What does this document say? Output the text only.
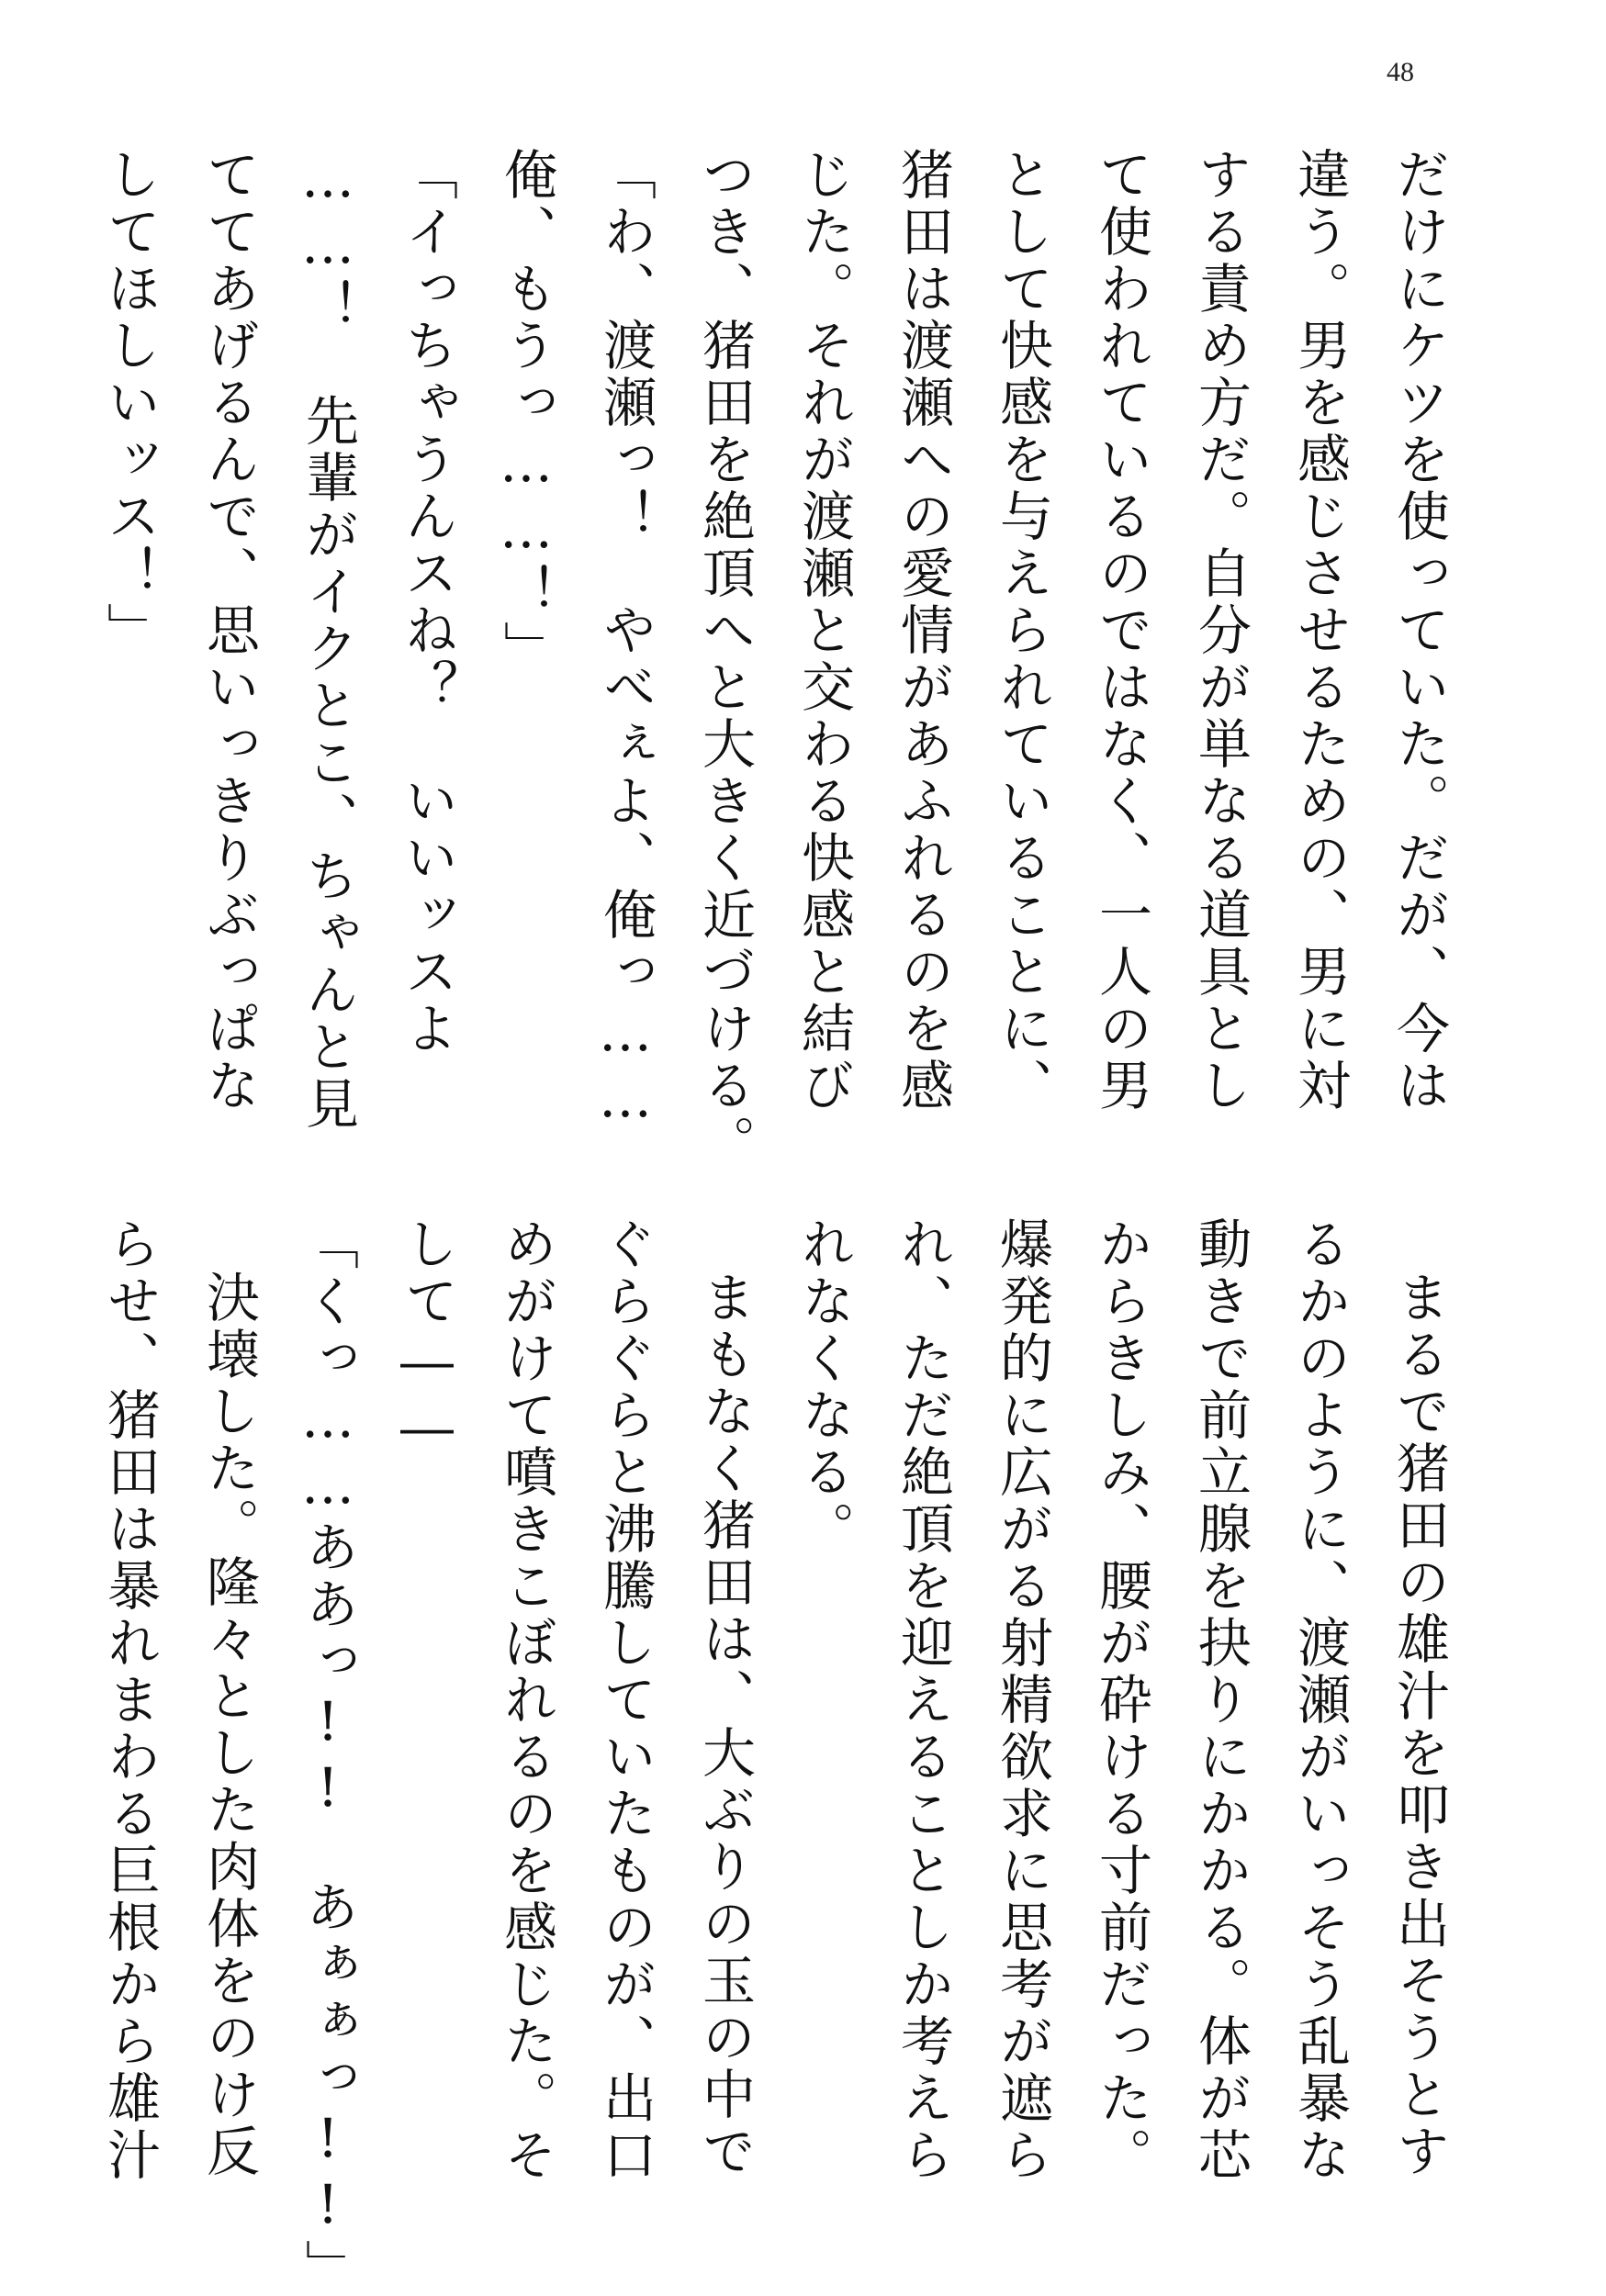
48
だけにケツを使っていた。だが、今は
違う。男を感じさせるための、男に対
する責め方だ。自分が単なる道具とし
て使われているのではなく、一人の男
として快感を与えられていることに、
猪田は渡瀬への愛情があふれるのを感
じた。それが渡瀬と交わる快感と結び
つき、猪田を絶頂へと大きく近づける。
「わ、渡瀬っ！　やべぇよ、俺っ……
俺、もうっ……！」
「イっちゃうんスね？　いいッスよ
……！　先輩がイクとこ、ちゃんと見
ててあげるんで、思いっきりぶっぱな
してほしいッス！」
まるで猪田の雄汁を叩き出そうとす
るかのように、渡瀬がいっそう乱暴な
動きで前立腺を抉りにかかる。体が芯
からきしみ、腰が砕ける寸前だった。
爆発的に広がる射精欲求に思考が遮ら
れ、ただ絶頂を迎えることしか考えら
れなくなる。
まもなく猪田は、大ぶりの玉の中で
ぐらぐらと沸騰していたものが、出口
めがけて噴きこぼれるのを感じた。そ
して――
「くっ……ああっ!!　あぁぁっ!!」
決壊した。隆々とした肉体をのけ反
らせ、猪田は暴れまわる巨根から雄汁
